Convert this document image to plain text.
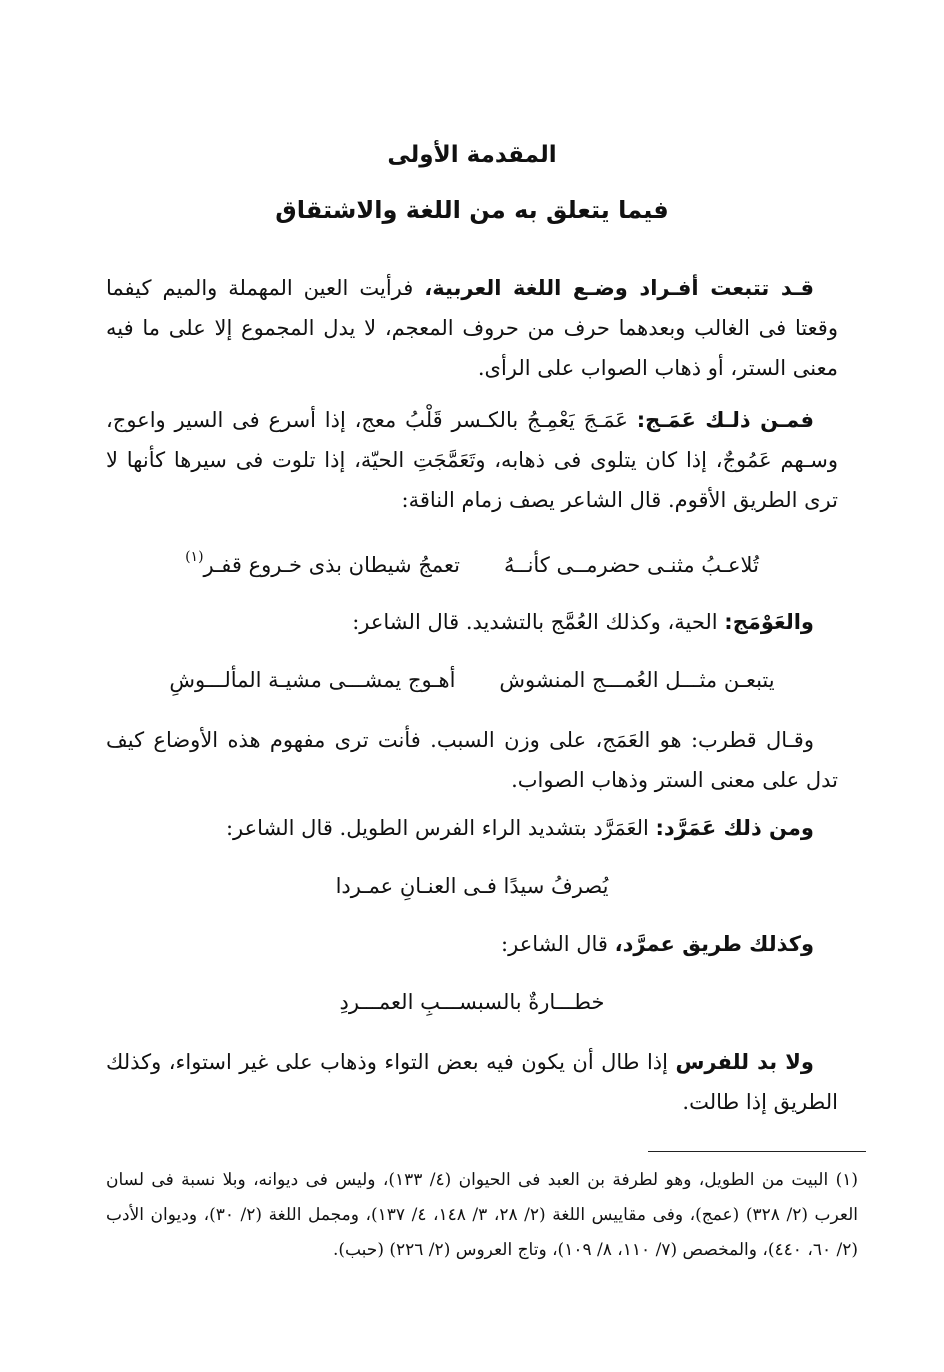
المقدمة الأولى
فيما يتعلق به من اللغة والاشتقاق

قـد تتبعت أفـراد وضـع اللغة العربية، فرأيت العين المهملة والميم كيفما وقعتا فى الغالب وبعدهما حرف من حروف المعجم، لا يدل المجموع إلا على ما فيه معنى الستر، أو ذهاب الصواب على الرأى.

فمـن ذلـك عَمَـج: عَمَـجَ يَعْمِـجُ بالكـسر قَلْبُ معج، إذا أسرع فى السير واعوج، وسـهم عَمُوجٌ، إذا كان يتلوى فى ذهابه، وتَعَمَّجَتِ الحيّة، إذا تلوت فى سيرها كأنها لا ترى الطريق الأقوم. قال الشاعر يصف زمام الناقة:

تُلاعـبُ مثنـى حضرمــى كأنــهُ
تعمجُ شيطان بذى خـروع قفـر$^{(١)}$

والعَوْمَج: الحية، وكذلك العُمَّج بالتشديد. قال الشاعر:

يتبعـن مثـــل العُمـــج المنشوش
أهـوج يمشـــى مشيـة المألـــوشِ

وقـال قطرب: هو العَمَج، على وزن السبب. فأنت ترى مفهوم هذه الأوضاع كيف تدل على معنى الستر وذهاب الصواب.

ومن ذلك عَمَرَّد: العَمَرَّد بتشديد الراء الفرس الطويل. قال الشاعر:

يُصرفُ سيدًا فـى العنـانِ عمـردا

وكذلك طريق عمرَّد، قال الشاعر:

خطـــارةٌ بالسبســـبِ العمـــردِ

ولا بد للفرس إذا طال أن يكون فيه بعض التواء وذهاب على غير استواء، وكذلك الطريق إذا طالت.

(١) البيت من الطويل، وهو لطرفة بن العبد فى الحيوان (٤/ ١٣٣)، وليس فى ديوانه، وبلا نسبة فى لسان العرب (٢/ ٣٢٨) (عمج)، وفى مقاييس اللغة (٢/ ٢٨، ٣/ ١٤٨، ٤/ ١٣٧)، ومجمل اللغة (٢/ ٣٠)، وديوان الأدب (٢/ ٦٠، ٤٤٠)، والمخصص (٧/ ١١٠، ٨/ ١٠٩)، وتاج العروس (٢/ ٢٢٦) (حبب).
